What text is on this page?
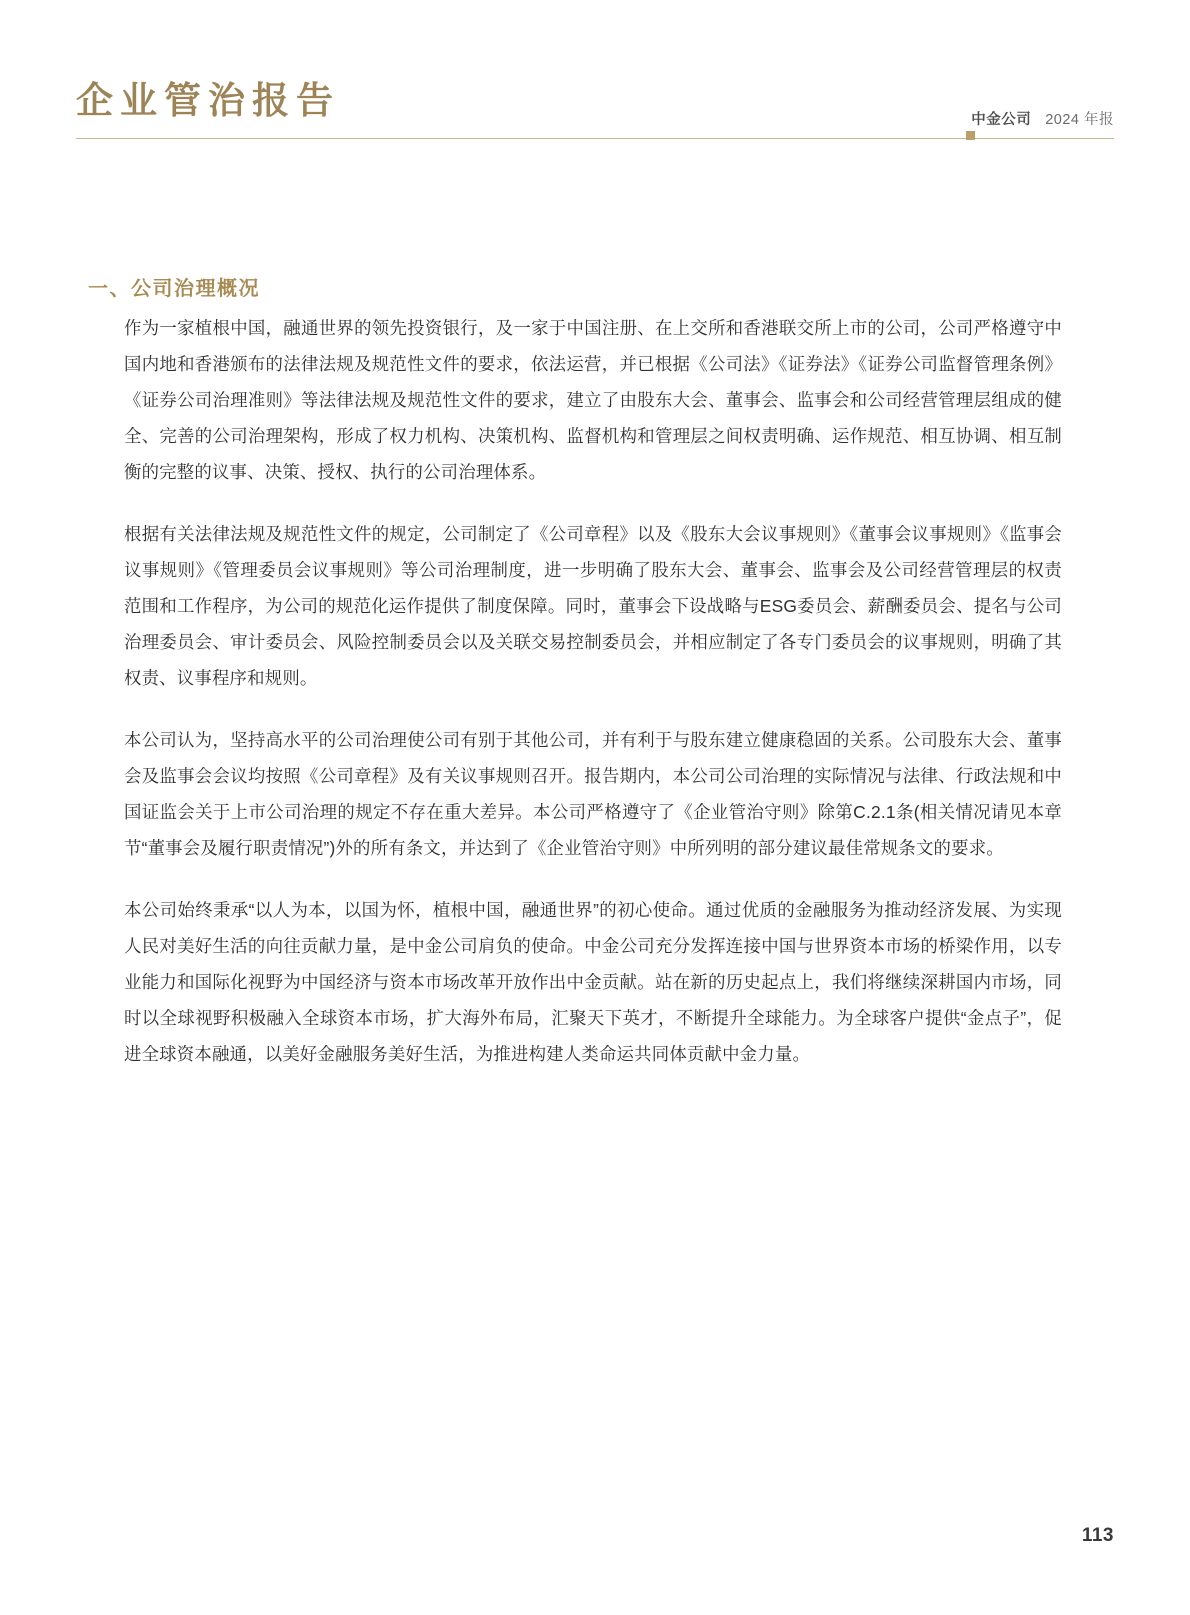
企业管治报告	中金公司 2024 年报
一、公司治理概况

作为一家植根中国，融通世界的领先投资银行，及一家于中国注册、在上交所和香港联交所上市的公司，公司严格遵守中国内地和香港颁布的法律法规及规范性文件的要求，依法运营，并已根据《公司法》《证券法》《证券公司监督管理条例》《证券公司治理准则》等法律法规及规范性文件的要求，建立了由股东大会、董事会、监事会和公司经营管理层组成的健全、完善的公司治理架构，形成了权力机构、决策机构、监督机构和管理层之间权责明确、运作规范、相互协调、相互制衡的完整的议事、决策、授权、执行的公司治理体系。

根据有关法律法规及规范性文件的规定，公司制定了《公司章程》以及《股东大会议事规则》《董事会议事规则》《监事会议事规则》《管理委员会议事规则》等公司治理制度，进一步明确了股东大会、董事会、监事会及公司经营管理层的权责范围和工作程序，为公司的规范化运作提供了制度保障。同时，董事会下设战略与ESG委员会、薪酬委员会、提名与公司治理委员会、审计委员会、风险控制委员会以及关联交易控制委员会，并相应制定了各专门委员会的议事规则，明确了其权责、议事程序和规则。

本公司认为，坚持高水平的公司治理使公司有别于其他公司，并有利于与股东建立健康稳固的关系。公司股东大会、董事会及监事会会议均按照《公司章程》及有关议事规则召开。报告期内，本公司公司治理的实际情况与法律、行政法规和中国证监会关于上市公司治理的规定不存在重大差异。本公司严格遵守了《企业管治守则》除第C.2.1条(相关情况请见本章节“董事会及履行职责情况”)外的所有条文，并达到了《企业管治守则》中所列明的部分建议最佳常规条文的要求。

本公司始终秉承“以人为本，以国为怀，植根中国，融通世界”的初心使命。通过优质的金融服务为推动经济发展、为实现人民对美好生活的向往贡献力量，是中金公司肩负的使命。中金公司充分发挥连接中国与世界资本市场的桥梁作用，以专业能力和国际化视野为中国经济与资本市场改革开放作出中金贡献。站在新的历史起点上，我们将继续深耕国内市场，同时以全球视野积极融入全球资本市场，扩大海外布局，汇聚天下英才，不断提升全球能力。为全球客户提供“金点子”，促进全球资本融通，以美好金融服务美好生活，为推进构建人类命运共同体贡献中金力量。

113
